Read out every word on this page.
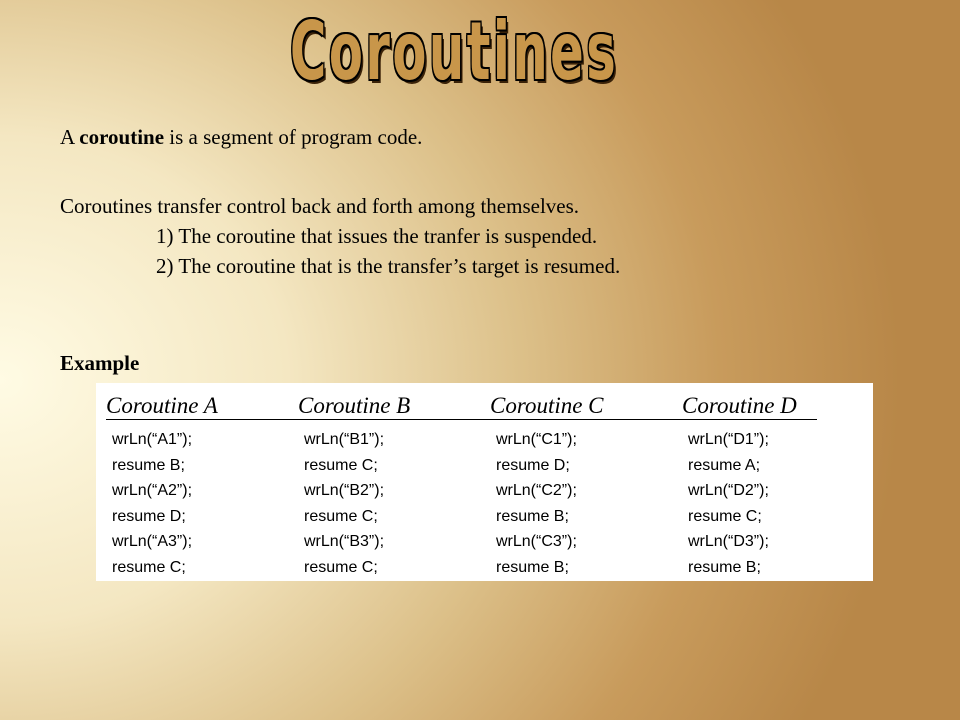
Coroutines
A coroutine is a segment of program code.
Coroutines transfer control back and forth among themselves.
1) The coroutine that issues the tranfer is suspended.
2) The coroutine that is the transfer’s target is resumed.
Example
Coroutine A
wrLn(“A1”);
resume B;
wrLn(“A2”);
resume D;
wrLn(“A3”);
resume C;
Coroutine B
wrLn(“B1”);
resume C;
wrLn(“B2”);
resume C;
wrLn(“B3”);
resume C;
Coroutine C
wrLn(“C1”);
resume D;
wrLn(“C2”);
resume B;
wrLn(“C3”);
resume B;
Coroutine D
wrLn(“D1”);
resume A;
wrLn(“D2”);
resume C;
wrLn(“D3”);
resume B;
